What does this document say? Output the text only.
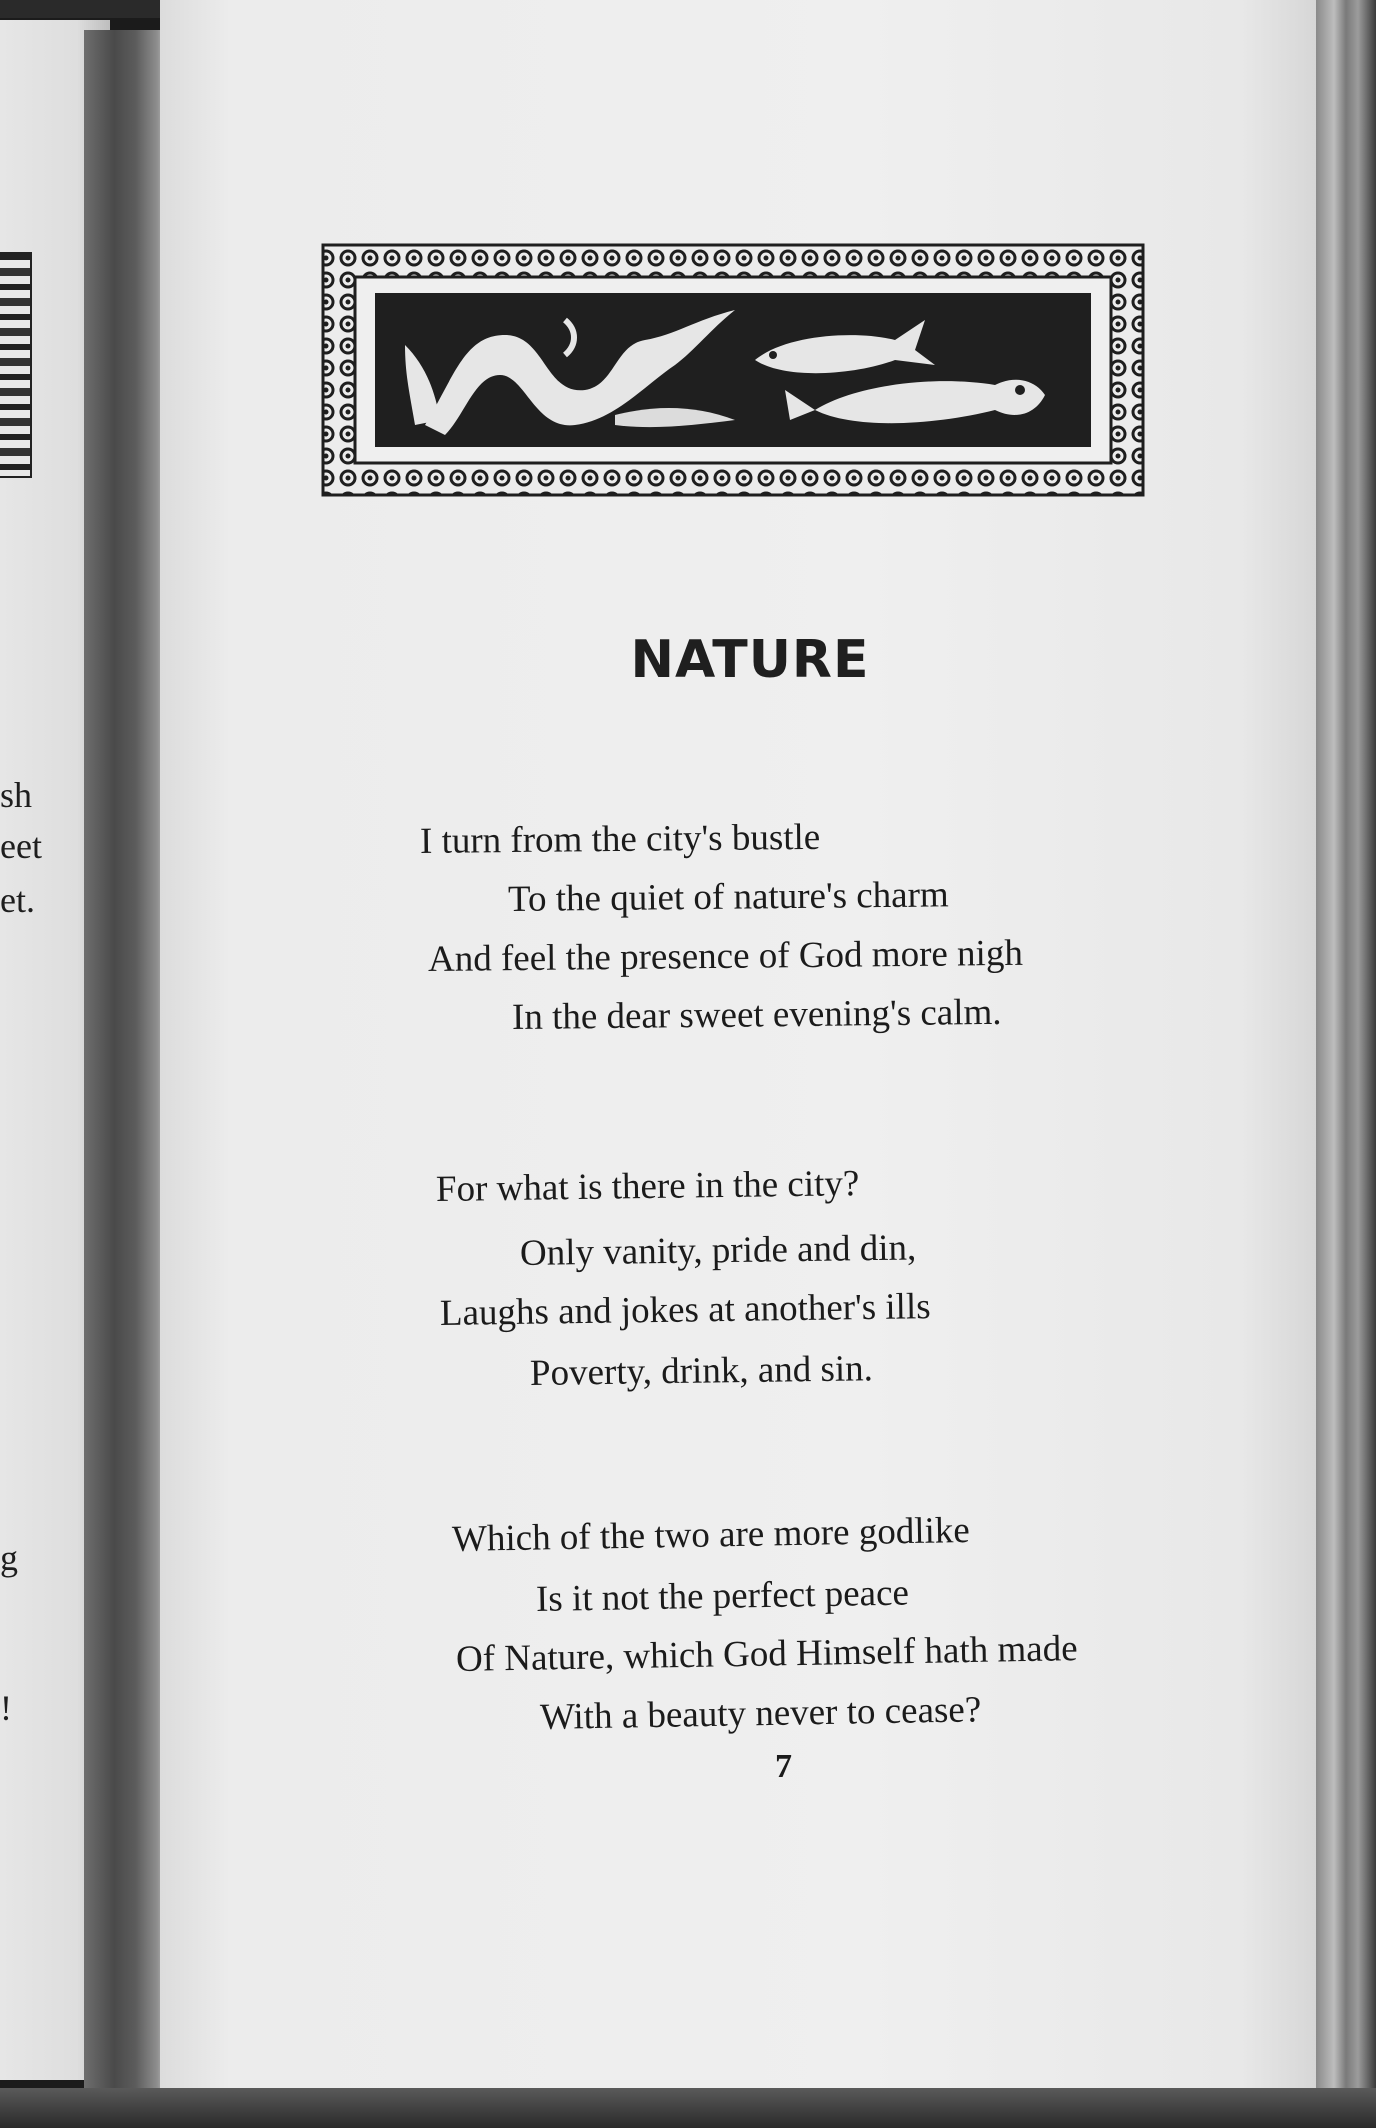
sh
eet
et.
g
!
NATURE
I turn from the city's bustle
To the quiet of nature's charm
And feel the presence of God more nigh
In the dear sweet evening's calm.
For what is there in the city?
Only vanity, pride and din,
Laughs and jokes at another's ills
Poverty, drink, and sin.
Which of the two are more godlike
Is it not the perfect peace
Of Nature, which God Himself hath made
With a beauty never to cease?
7
